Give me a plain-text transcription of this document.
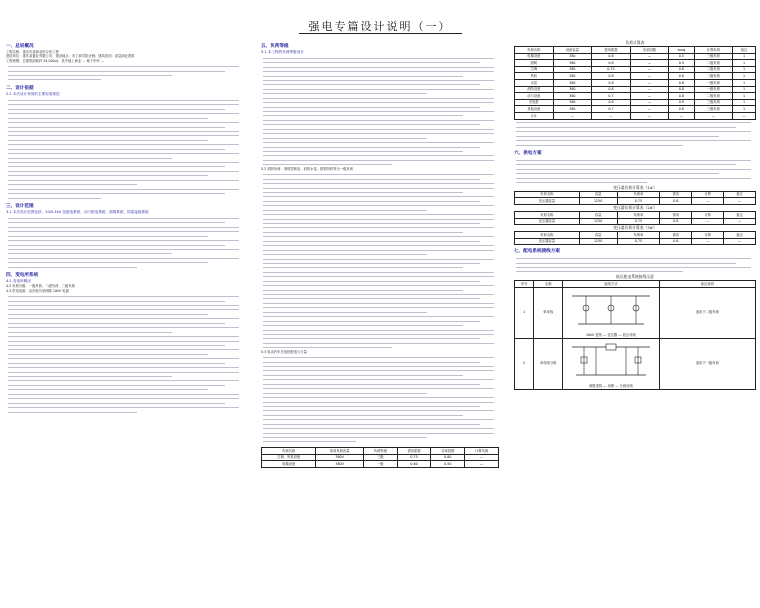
强电专篇设计说明（一）
一、总说概况
工程名称：重庆市某商业综合体工程
建设单位：重庆某置业有限公司；建设地点：市工商学院北侧；建筑类别：高层商业建筑
工程规模：总建筑面积约 54,000㎡，其中地上商业 ... 地下车库 ...
二、设计依据
2.1 本次设计采用的主要标准规范：
三、设计范围
3.1 本次设计范围包括：10/0.4kV 变配电系统、动力配电系统、照明系统、防雷接地系统
四、变电所系统
4.1 变电所概况
4.2 负荷分级：一级负荷、二级负荷、三级负荷
4.3 供电电源：由市政引来两路 10kV 电源
五、负荷等级
5.1 本工程的负荷等级划分
5.2 消防负荷：消防控制室、消防水泵、排烟风机等为一级负荷
5.3 电动汽车充电桩配电与计量
负荷名称	单项负荷容量	负荷等级	需用系数	功率因数	计算负荷
空调、风机设备	380V	三级	0.75	0.80	—
电梯设备	380V	一级	0.60	0.50	—
负荷计算表
负荷名称	设备容量	需用系数	功率因数	tanφ	计算负荷	备注
电梯设备	380	0.6	—	0.5	三级负荷	1
照明	380	0.8	—	0.9	二级负荷	1
空调	380	0.75	—	0.8	二级负荷	1
风机	380	0.8	—	0.8	二级负荷	1
水泵	380	0.8	—	0.8	一级负荷	1
消防设备	380	0.8	—	0.8	一级负荷	1
动力设备	380	0.7	—	0.8	二级负荷	1
充电桩	380	0.6	—	0.9	三级负荷	1
其他设备	380	0.7	—	0.8	三级负荷	1
合计	—	—	—	—	—	—
六、供电方案
变压器负荷计算表（1#）
负荷名称	容量	负荷率	需用	计算	备注
变压器容量	1250	0.75	0.8	—	—
变压器负荷计算表（2#）
负荷名称	容量	负荷率	需用	计算	备注
变压器容量	1250	0.75	0.8	—	—
变压器负荷计算表（3#）
负荷名称	容量	负荷率	需用	计算	备注
变压器容量	1250	0.75	0.8	—	—
七、配电系统接线方案
低压配电系统接线示意
序号	名称	接线方式	备注说明
1	单母线	10kV 进线 — 变压器 — 低压母线	适用于二级负荷
2	单母线分段	两路进线 — 母联 — 分段母线	适用于一级负荷
